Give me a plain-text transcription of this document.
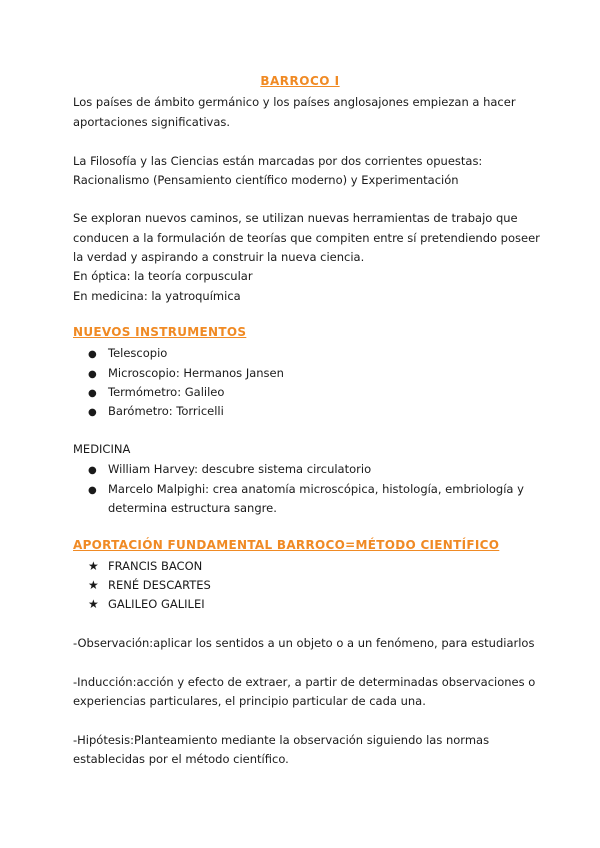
BARROCO I
Los países de ámbito germánico y los países anglosajones empiezan a hacer
aportaciones significativas.
La Filosofía y las Ciencias están marcadas por dos corrientes opuestas:
Racionalismo (Pensamiento científico moderno) y Experimentación
Se exploran nuevos caminos, se utilizan nuevas herramientas de trabajo que
conducen a la formulación de teorías que compiten entre sí pretendiendo poseer
la verdad y aspirando a construir la nueva ciencia.
En óptica: la teoría corpuscular
En medicina: la yatroquímica
NUEVOS INSTRUMENTOS
● Telescopio
● Microscopio: Hermanos Jansen
● Termómetro: Galileo
● Barómetro: Torricelli
MEDICINA
● William Harvey: descubre sistema circulatorio
● Marcelo Malpighi: crea anatomía microscópica, histología, embriología y
determina estructura sangre.
APORTACIÓN FUNDAMENTAL BARROCO=MÉTODO CIENTÍFICO
★ FRANCIS BACON
★ RENÉ DESCARTES
★ GALILEO GALILEI
-Observación:aplicar los sentidos a un objeto o a un fenómeno, para estudiarlos
-Inducción:acción y efecto de extraer, a partir de determinadas observaciones o
experiencias particulares, el principio particular de cada una.
-Hipótesis:Planteamiento mediante la observación siguiendo las normas
establecidas por el método científico.
